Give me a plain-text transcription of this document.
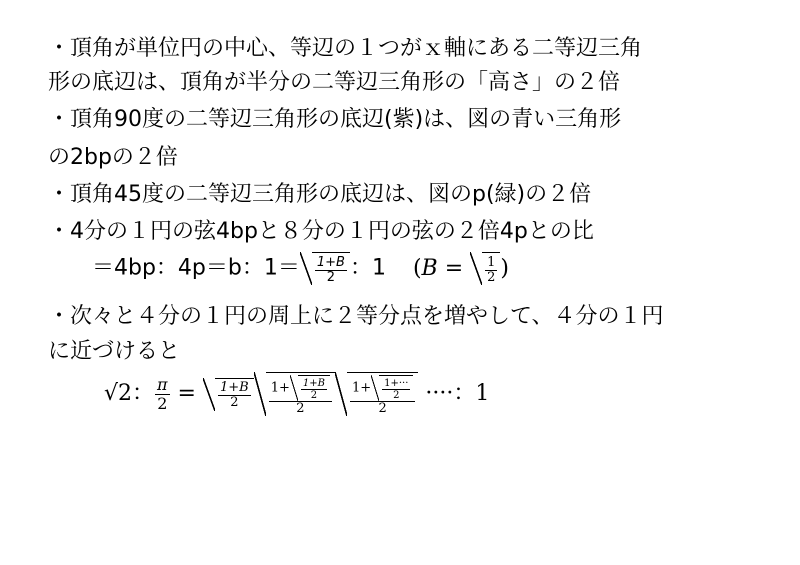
・頂角が単位円の中心、等辺の１つがｘ軸にある二等辺三角

形の底辺は、頂角が半分の二等辺三角形の「高さ」の２倍

・頂角90度の二等辺三角形の底辺(紫)は、図の青い三角形

の2bpの２倍

・頂角45度の二等辺三角形の底辺は、図のp(緑)の２倍

・4分の１円の弦4bpと８分の１円の弦の２倍4pとの比

＝4bp：4p＝b：$1= \frac{1+B}{2}$ ：1 ($B = \frac{1}{2}$ )

・次々と４分の１円の周上に２等分点を増やして、４分の１円

に近づけると

√2： $\frac{\pi}{2} = \frac{1+B}{2} \frac{1+ \frac{1+B}{2}}{2} \frac{1+ \frac{1+\cdot\cdot\cdot}{2}}{2}$ ····：1
